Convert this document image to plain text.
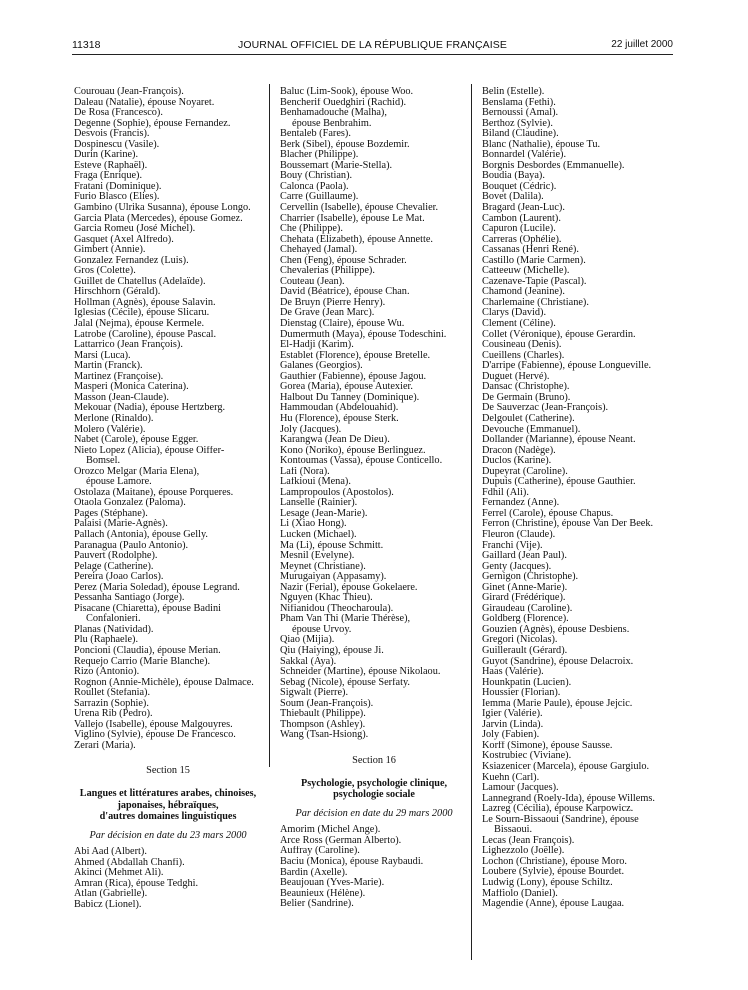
11318	JOURNAL OFFICIEL DE LA RÉPUBLIQUE FRANÇAISE	22 juillet 2000
Courouau (Jean-François).
Daleau (Natalie), épouse Noyaret.
De Rosa (Francesco).
Degenne (Sophie), épouse Fernandez.
Desvois (Francis).
Dospinescu (Vasile).
Durin (Karine).
Esteve (Raphaël).
Fraga (Enrique).
Fratani (Dominique).
Furio Blasco (Elies).
Gambino (Ulrika Susanna), épouse Longo.
Garcia Plata (Mercedes), épouse Gomez.
Garcia Romeu (José Michel).
Gasquet (Axel Alfredo).
Gimbert (Annie).
Gonzalez Fernandez (Luis).
Gros (Colette).
Guillet de Chatellus (Adelaïde).
Hirschhorn (Gérald).
Hollman (Agnès), épouse Salavin.
Iglesias (Cécile), épouse Slicaru.
Jalal (Nejma), épouse Kermele.
Latrobe (Caroline), épouse Pascal.
Lattarrico (Jean François).
Marsi (Luca).
Martin (Franck).
Martinez (Françoise).
Masperi (Monica Caterina).
Masson (Jean-Claude).
Mekouar (Nadia), épouse Hertzberg.
Merlone (Rinaldo).
Molero (Valérie).
Nabet (Carole), épouse Egger.
Nieto Lopez (Alicia), épouse Oiffer-
Bomsel.
Orozco Melgar (Maria Elena),
épouse Lamore.
Ostolaza (Maitane), épouse Porqueres.
Otaola Gonzalez (Paloma).
Pages (Stéphane).
Palaisi (Marie-Agnès).
Pallach (Antonia), épouse Gelly.
Paranagua (Paulo Antonio).
Pauvert (Rodolphe).
Pelage (Catherine).
Pereira (Joao Carlos).
Perez (Maria Soledad), épouse Legrand.
Pessanha Santiago (Jorge).
Pisacane (Chiaretta), épouse Badini
Confalonieri.
Planas (Natividad).
Plu (Raphaele).
Poncioni (Claudia), épouse Merian.
Requejo Carrio (Marie Blanche).
Rizo (Antonio).
Rognon (Annie-Michèle), épouse Dalmace.
Roullet (Stefania).
Sarrazin (Sophie).
Urena Rib (Pedro).
Vallejo (Isabelle), épouse Malgouyres.
Viglino (Sylvie), épouse De Francesco.
Zerari (Maria).
Section 15
Langues et littératures arabes, chinoises,
japonaises, hébraïques,
d'autres domaines linguistiques
Par décision en date du 23 mars 2000
Abi Aad (Albert).
Ahmed (Abdallah Chanfi).
Akinci (Mehmet Ali).
Amran (Rica), épouse Tedghi.
Atlan (Gabrielle).
Babicz (Lionel).
Baluc (Lim-Sook), épouse Woo.
Bencherif Ouedghiri (Rachid).
Benhamadouche (Malha),
épouse Benbrahim.
Bentaleb (Fares).
Berk (Sibel), épouse Bozdemir.
Blacher (Philippe).
Boussemart (Marie-Stella).
Bouy (Christian).
Calonca (Paola).
Carre (Guillaume).
Cervellin (Isabelle), épouse Chevalier.
Charrier (Isabelle), épouse Le Mat.
Che (Philippe).
Chehata (Elizabeth), épouse Annette.
Chehayed (Jamal).
Chen (Feng), épouse Schrader.
Chevalerias (Philippe).
Couteau (Jean).
David (Béatrice), épouse Chan.
De Bruyn (Pierre Henry).
De Grave (Jean Marc).
Dienstag (Claire), épouse Wu.
Dumermuth (Maya), épouse Todeschini.
El-Hadji (Karim).
Establet (Florence), épouse Bretelle.
Galanes (Georgios).
Gauthier (Fabienne), épouse Jagou.
Gorea (Maria), épouse Autexier.
Halbout Du Tanney (Dominique).
Hammoudan (Abdelouahid).
Hu (Florence), épouse Sterk.
Joly (Jacques).
Karangwa (Jean De Dieu).
Kono (Noriko), épouse Berlinguez.
Kontoumas (Vassa), épouse Conticello.
Lafi (Nora).
Lafkioui (Mena).
Lampropoulos (Apostolos).
Lanselle (Rainier).
Lesage (Jean-Marie).
Li (Xiao Hong).
Lucken (Michael).
Ma (Li), épouse Schmitt.
Mesnil (Evelyne).
Meynet (Christiane).
Murugaiyan (Appasamy).
Nazir (Ferial), épouse Gokelaere.
Nguyen (Khac Thieu).
Nifianidou (Theocharoula).
Pham Van Thi (Marie Thérèse),
épouse Urvoy.
Qiao (Mijia).
Qiu (Haiying), épouse Ji.
Sakkal (Aya).
Schneider (Martine), épouse Nikolaou.
Sebag (Nicole), épouse Serfaty.
Sigwalt (Pierre).
Soum (Jean-François).
Thiebault (Philippe).
Thompson (Ashley).
Wang (Tsan-Hsiong).
Section 16
Psychologie, psychologie clinique,
psychologie sociale
Par décision en date du 29 mars 2000
Amorim (Michel Ange).
Arce Ross (German Alberto).
Auffray (Caroline).
Baciu (Monica), épouse Raybaudi.
Bardin (Axelle).
Beaujouan (Yves-Marie).
Beaunieux (Hélène).
Belier (Sandrine).
Belin (Estelle).
Benslama (Fethi).
Bernoussi (Amal).
Berthoz (Sylvie).
Biland (Claudine).
Blanc (Nathalie), épouse Tu.
Bonnardel (Valérie).
Borgnis Desbordes (Emmanuelle).
Boudia (Baya).
Bouquet (Cédric).
Bovet (Dalila).
Bragard (Jean-Luc).
Cambon (Laurent).
Capuron (Lucile).
Carreras (Ophélie).
Cassanas (Henri René).
Castillo (Marie Carmen).
Catteeuw (Michelle).
Cazenave-Tapie (Pascal).
Chamond (Jeanine).
Charlemaine (Christiane).
Clarys (David).
Clement (Céline).
Collet (Véronique), épouse Gerardin.
Cousineau (Denis).
Cueillens (Charles).
D'arripe (Fabienne), épouse Longueville.
Duguet (Hervé).
Dansac (Christophe).
De Germain (Bruno).
De Sauverzac (Jean-François).
Delgoulet (Catherine).
Devouche (Emmanuel).
Dollander (Marianne), épouse Neant.
Dracon (Nadège).
Duclos (Karine).
Dupeyrat (Caroline).
Dupuis (Catherine), épouse Gauthier.
Fdhil (Ali).
Fernandez (Anne).
Ferrel (Carole), épouse Chapus.
Ferron (Christine), épouse Van Der Beek.
Fleuron (Claude).
Franchi (Vije).
Gaillard (Jean Paul).
Genty (Jacques).
Gernigon (Christophe).
Ginet (Anne-Marie).
Girard (Frédérique).
Giraudeau (Caroline).
Goldberg (Florence).
Gouzien (Agnès), épouse Desbiens.
Gregori (Nicolas).
Guillerault (Gérard).
Guyot (Sandrine), épouse Delacroix.
Haas (Valérie).
Hounkpatin (Lucien).
Houssier (Florian).
Iemma (Marie Paule), épouse Jejcic.
Igier (Valérie).
Jarvin (Linda).
Joly (Fabien).
Korff (Simone), épouse Sausse.
Kostrubiec (Viviane).
Ksiazenicer (Marcela), épouse Gargiulo.
Kuehn (Carl).
Lamour (Jacques).
Lannegrand (Roely-Ida), épouse Willems.
Lazreg (Cécilia), épouse Karpowicz.
Le Sourn-Bissaoui (Sandrine), épouse
Bissaoui.
Lecas (Jean François).
Lighezzolo (Joëlle).
Lochon (Christiane), épouse Moro.
Loubere (Sylvie), épouse Bourdet.
Ludwig (Lony), épouse Schiltz.
Maffiolo (Daniel).
Magendie (Anne), épouse Laugaa.
